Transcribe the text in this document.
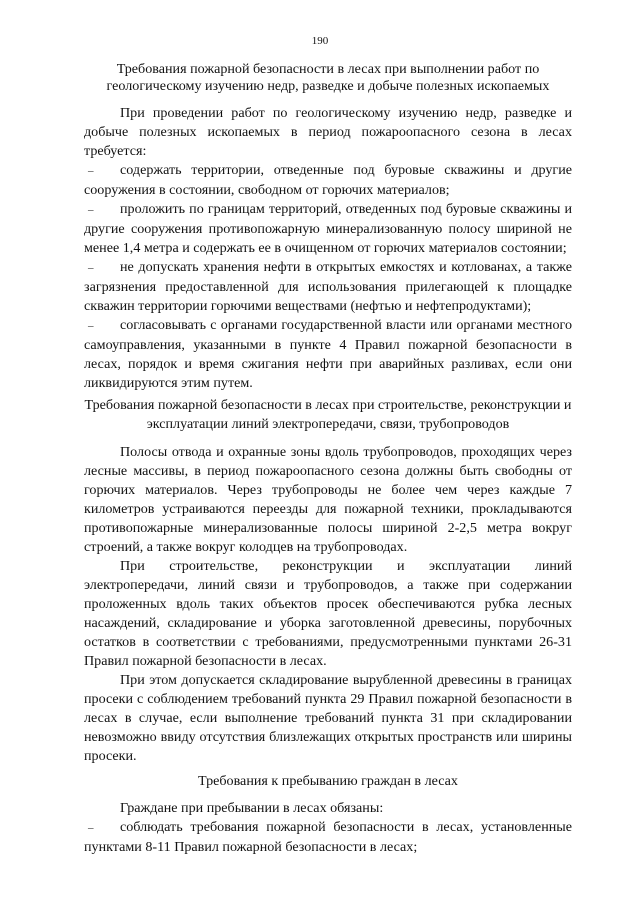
190

Требования пожарной безопасности в лесах при выполнении работ по геологическому изучению недр, разведке и добыче полезных ископаемых

При проведении работ по геологическому изучению недр, разведке и добыче полезных ископаемых в период пожароопасного сезона в лесах требуется:

– содержать территории, отведенные под буровые скважины и другие сооружения в состоянии, свободном от горючих материалов;

– проложить по границам территорий, отведенных под буровые скважины и другие сооружения противопожарную минерализованную полосу шириной не менее 1,4 метра и содержать ее в очищенном от горючих материалов состоянии;

– не допускать хранения нефти в открытых емкостях и котлованах, а также загрязнения предоставленной для использования прилегающей к площадке скважин территории горючими веществами (нефтью и нефтепродуктами);

– согласовывать с органами государственной власти или органами местного самоуправления, указанными в пункте 4 Правил пожарной безопасности в лесах, порядок и время сжигания нефти при аварийных разливах, если они ликвидируются этим путем.

Требования пожарной безопасности в лесах при строительстве, реконструкции и эксплуатации линий электропередачи, связи, трубопроводов

Полосы отвода и охранные зоны вдоль трубопроводов, проходящих через лесные массивы, в период пожароопасного сезона должны быть свободны от горючих материалов. Через трубопроводы не более чем через каждые 7 километров устраиваются переезды для пожарной техники, прокладываются противопожарные минерализованные полосы шириной 2-2,5 метра вокруг строений, а также вокруг колодцев на трубопроводах.

При строительстве, реконструкции и эксплуатации линий электропередачи, линий связи и трубопроводов, а также при содержании проложенных вдоль таких объектов просек обеспечиваются рубка лесных насаждений, складирование и уборка заготовленной древесины, порубочных остатков в соответствии с требованиями, предусмотренными пунктами 26-31 Правил пожарной безопасности в лесах.

При этом допускается складирование вырубленной древесины в границах просеки с соблюдением требований пункта 29 Правил пожарной безопасности в лесах в случае, если выполнение требований пункта 31 при складировании невозможно ввиду отсутствия близлежащих открытых пространств или ширины просеки.

Требования к пребыванию граждан в лесах

Граждане при пребывании в лесах обязаны:

– соблюдать требования пожарной безопасности в лесах, установленные пунктами 8-11 Правил пожарной безопасности в лесах;
